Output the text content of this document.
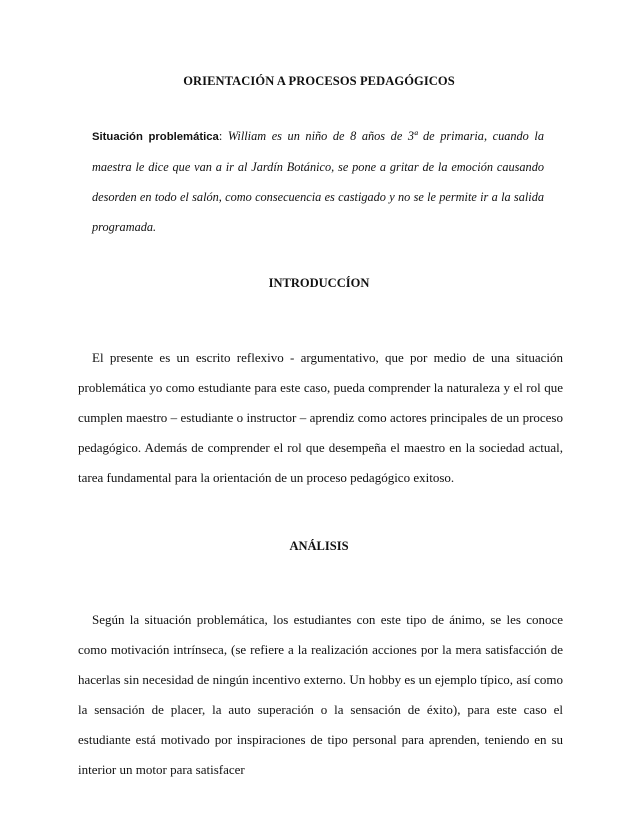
ORIENTACIÓN A PROCESOS PEDAGÓGICOS
Situación problemática: William es un niño de 8 años de 3ª de primaria, cuando la maestra le dice que van a ir al Jardín Botánico, se pone a gritar de la emoción causando desorden en todo el salón, como consecuencia es castigado y no se le permite ir a la salida programada.
INTRODUCCÍON
El presente es un escrito reflexivo - argumentativo, que por medio de una situación problemática yo como estudiante para este caso, pueda comprender la naturaleza y el rol que cumplen maestro – estudiante o instructor – aprendiz como actores principales de un proceso pedagógico. Además de comprender el rol que desempeña el maestro en la sociedad actual, tarea fundamental para la orientación de un proceso pedagógico exitoso.
ANÁLISIS
Según la situación problemática, los estudiantes con este tipo de ánimo, se les conoce como motivación intrínseca, (se refiere a la realización acciones por la mera satisfacción de hacerlas sin necesidad de ningún incentivo externo. Un hobby es un ejemplo típico, así como la sensación de placer, la auto superación o la sensación de éxito), para este caso el estudiante está motivado por inspiraciones de tipo personal para aprenden, teniendo en su interior un motor para satisfacer
